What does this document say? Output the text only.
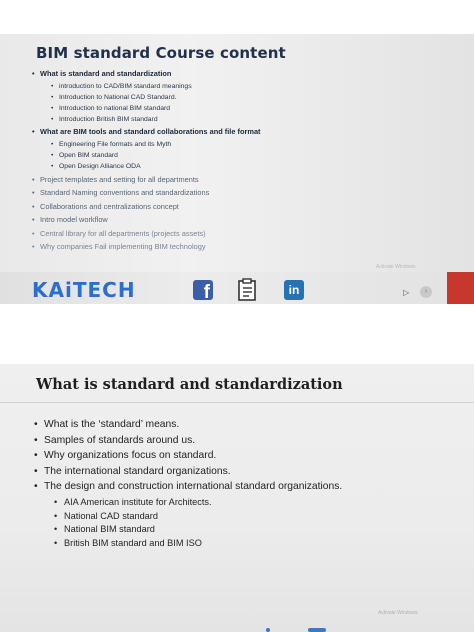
BIM standard Course content
• What is standard and standardization
• introduction to CAD/BIM standard meanings
• Introduction to National CAD Standard.
• Introduction to national BIM standard
• Introduction British BIM standard
• What are BIM tools and standard collaborations and file format
• Engineering File formats and its Myth
• Open BIM standard
• Open Design Alliance ODA
• Project templates and setting for all departments
• Standard Naming conventions and standardizations
• Collaborations and centralizations concept
• Intro model workflow
• Central library for all departments (projects assets)
• Why companies Fail implementing BIM technology
Activate Windows
KAiTECH	f	in	▷	›
What is standard and standardization
• What is the ‘standard’ means.
• Samples of standards around us.
• Why organizations focus on standard.
• The international standard organizations.
• The design and construction international standard organizations.
• AIA American institute for Architects.
• National CAD standard
• National BIM standard
• British BIM standard and BIM ISO
Activate Windows
